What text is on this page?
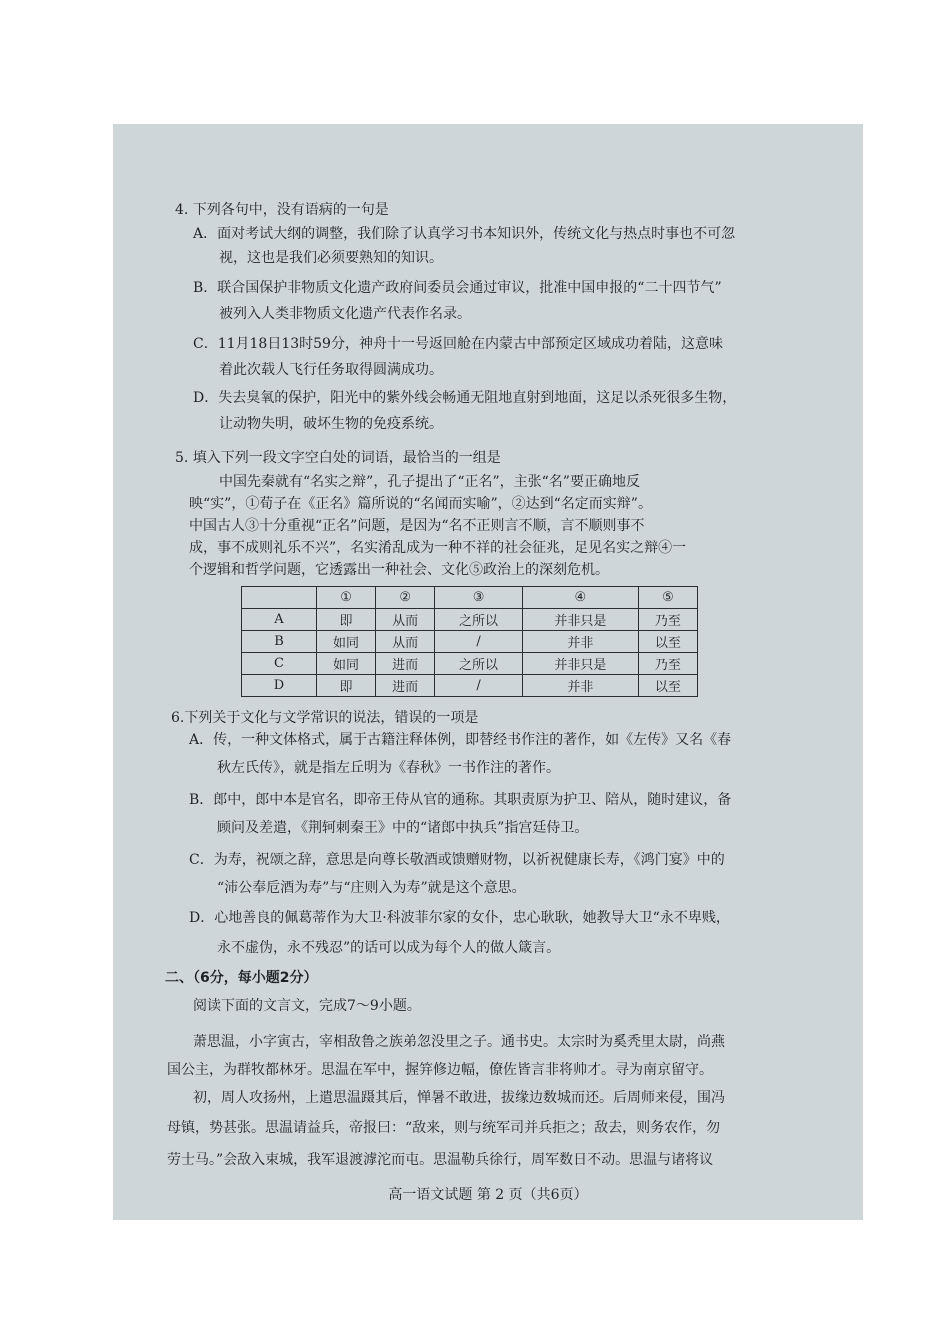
4. 下列各句中，没有语病的一句是
A．面对考试大纲的调整，我们除了认真学习书本知识外，传统文化与热点时事也不可忽
视，这也是我们必须要熟知的知识。
B．联合国保护非物质文化遗产政府间委员会通过审议，批准中国申报的“二十四节气”
被列入人类非物质文化遗产代表作名录。
C．11月18日13时59分，神舟十一号返回舱在内蒙古中部预定区域成功着陆，这意味
着此次载人飞行任务取得圆满成功。
D．失去臭氧的保护，阳光中的紫外线会畅通无阻地直射到地面，这足以杀死很多生物，
让动物失明，破坏生物的免疫系统。
5. 填入下列一段文字空白处的词语，最恰当的一组是
中国先秦就有“名实之辩”，孔子提出了“正名”，主张“名”要正确地反
映“实”，①荀子在《正名》篇所说的“名闻而实喻”，②达到“名定而实辩”。
中国古人③十分重视“正名”问题，是因为“名不正则言不顺，言不顺则事不
成，事不成则礼乐不兴”，名实淆乱成为一种不祥的社会征兆，足见名实之辩④一
个逻辑和哲学问题，它透露出一种社会、文化⑤政治上的深刻危机。
	①	②	③	④	⑤
A	即	从而	之所以	并非只是	乃至
B	如同	从而	/	并非	以至
C	如同	进而	之所以	并非只是	乃至
D	即	进而	/	并非	以至
6.下列关于文化与文学常识的说法，错误的一项是
A．传，一种文体格式，属于古籍注释体例，即替经书作注的著作，如《左传》又名《春
秋左氏传》，就是指左丘明为《春秋》一书作注的著作。
B．郎中，郎中本是官名，即帝王侍从官的通称。其职责原为护卫、陪从，随时建议，备
顾问及差遣，《荆轲刺秦王》中的“诸郎中执兵”指宫廷侍卫。
C．为寿，祝颂之辞，意思是向尊长敬酒或馈赠财物，以祈祝健康长寿，《鸿门宴》中的
“沛公奉卮酒为寿”与“庄则入为寿”就是这个意思。
D．心地善良的佩葛蒂作为大卫·科波菲尔家的女仆，忠心耿耿，她教导大卫“永不卑贱，
永不虚伪，永不残忍”的话可以成为每个人的做人箴言。
二、（6分，每小题2分）
阅读下面的文言文，完成7～9小题。
萧思温，小字寅古，宰相敌鲁之族弟忽没里之子。通书史。太宗时为奚秃里太尉，尚燕
国公主，为群牧都林牙。思温在军中，握笄修边幅，僚佐皆言非将帅才。寻为南京留守。
初，周人攻扬州，上遣思温蹑其后，惮暑不敢进，拔缘边数城而还。后周师来侵，围冯
母镇，势甚张。思温请益兵，帝报曰：“敌来，则与统军司并兵拒之；敌去，则务农作，勿
劳士马。”会敌入束城，我军退渡滹沱而屯。思温勒兵徐行，周军数日不动。思温与诸将议
高一语文试题 第 2 页（共6页）
